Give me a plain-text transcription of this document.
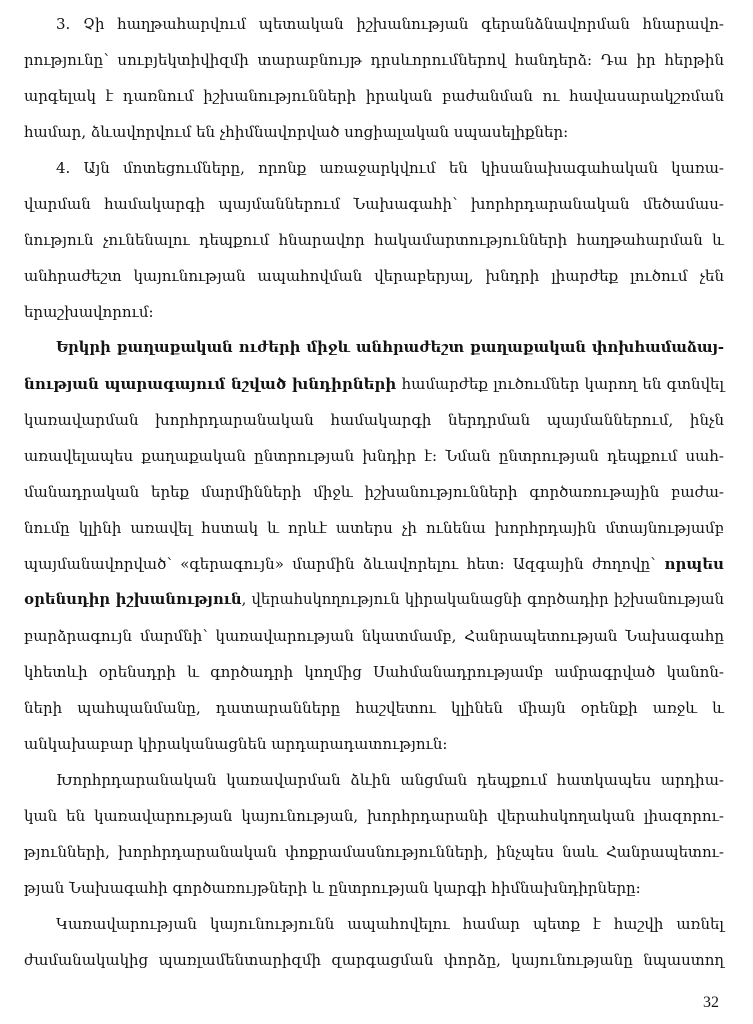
3. Չի հաղթահարվում պետական իշխանության գերանձնավորման հնարավո-
րությունը՝ սուբյեկտիվիզմի տարաբնույթ դրսևորումներով հանդերձ: Դա իր հերթին
արգելակ է դառնում իշխանությունների իրական բաժանման ու հավասարակշռման
համար, ձևավորվում են չհիմնավորված սոցիալական սպասելիքներ:
4. Այն մոտեցումները, որոնք առաջարկվում են կիսանախագահական կառա-
վարման համակարգի պայմաններում Նախագահի՝ խորհրդարանական մեծամաս-
նություն չունենալու դեպքում հնարավոր հակամարտությունների հաղթահարման և
անհրաժեշտ կայունության ապահովման վերաբերյալ, խնդրի լիարժեք լուծում չեն
երաշխավորում:
Երկրի քաղաքական ուժերի միջև անհրաժեշտ քաղաքական փոխհամաձայ-
նության պարագայում նշված խնդիրների համարժեք լուծումներ կարող են գտնվել
կառավարման խորհրդարանական համակարգի ներդրման պայմաններում, ինչն
առավելապես քաղաքական ընտրության խնդիր է: Նման ընտրության դեպքում սահ-
մանադրական երեք մարմինների միջև իշխանությունների գործառութային բաժա-
նումը կլինի առավել հստակ և որևէ ատերս չի ունենա խորհրդային մտայնությամբ
պայմանավորված՝ «գերագույն» մարմին ձևավորելու հետ: Ազգային ժողովը՝ որպես
օրենսդիր իշխանություն, վերահսկողություն կիրականացնի գործադիր իշխանության
բարձրագույն մարմնի՝ կառավարության նկատմամբ, Հանրապետության Նախագահը
կհետևի օրենսդրի և գործադրի կողմից Սահմանադրությամբ ամրագրված կանոն-
ների պահպանմանը, դատարանները հաշվետու կլինեն միայն օրենքի առջև և
անկախաբար կիրականացնեն արդարադատություն:
Խորհրդարանական կառավարման ձևին անցման դեպքում հատկապես արդիա-
կան են կառավարության կայունության, խորհրդարանի վերահսկողական լիազորու-
թյունների, խորհրդարանական փոքրամասնությունների, ինչպես նաև Հանրապետու-
թյան Նախագահի գործառույթների և ընտրության կարգի հիմնախնդիրները:
Կառավարության կայունությունն ապահովելու համար պետք է հաշվի առնել
ժամանակակից պառլամենտարիզմի զարգացման փորձը, կայունությանը նպաստող
32
